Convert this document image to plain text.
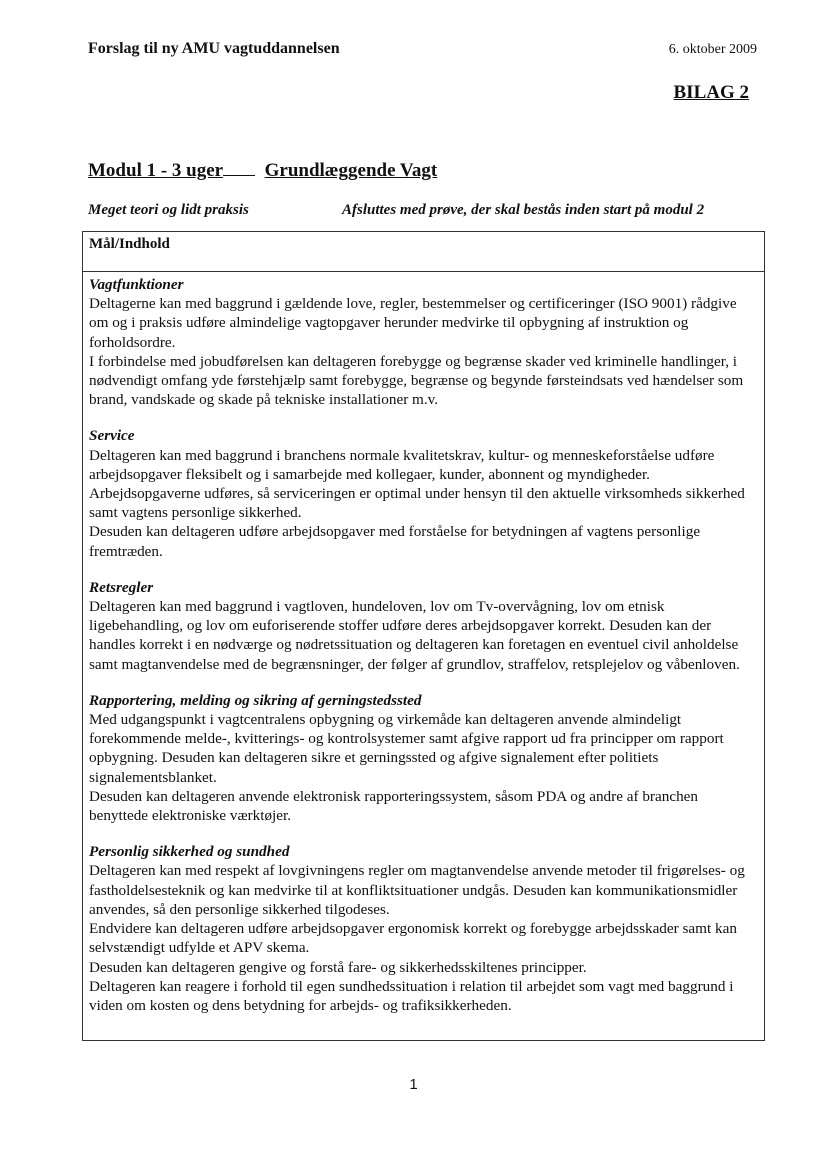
Forslag til ny AMU vagtuddannelsen	6. oktober 2009
BILAG 2
Modul 1 - 3 uger Grundlæggende Vagt
Meget teori og lidt praksis	Afsluttes med prøve, der skal bestås inden start på modul 2
Mål/Indhold
Vagtfunktioner

Deltagerne kan med baggrund i gældende love, regler, bestemmelser og certificeringer (ISO 9001) rådgive om og i praksis udføre almindelige vagtopgaver herunder medvirke til opbygning af instruktion og forholdsordre.

I forbindelse med jobudførelsen kan deltageren forebygge og begrænse skader ved kriminelle handlinger, i nødvendigt omfang yde førstehjælp samt forebygge, begrænse og begynde førsteindsats ved hændelser som brand, vandskade og skade på tekniske installationer m.v.

Service

Deltageren kan med baggrund i branchens normale kvalitetskrav, kultur- og menneskeforståelse udføre arbejdsopgaver fleksibelt og i samarbejde med kollegaer, kunder, abonnent og myndigheder. Arbejdsopgaverne udføres, så serviceringen er optimal under hensyn til den aktuelle virksomheds sikkerhed samt vagtens personlige sikkerhed.

Desuden kan deltageren udføre arbejdsopgaver med forståelse for betydningen af vagtens personlige fremtræden.

Retsregler

Deltageren kan med baggrund i vagtloven, hundeloven, lov om Tv-overvågning, lov om etnisk ligebehandling, og lov om euforiserende stoffer udføre deres arbejdsopgaver korrekt. Desuden kan der handles korrekt i en nødværge og nødretssituation og deltageren kan foretagen en eventuel civil anholdelse samt magtanvendelse med de begrænsninger, der følger af grundlov, straffelov, retsplejelov og våbenloven.

Rapportering, melding og sikring af gerningstedssted

Med udgangspunkt i vagtcentralens opbygning og virkemåde kan deltageren anvende almindeligt forekommende melde-, kvitterings- og kontrolsystemer samt afgive rapport ud fra principper om rapport opbygning. Desuden kan deltageren sikre et gerningssted og afgive signalement efter politiets signalementsblanket.

Desuden kan deltageren anvende elektronisk rapporteringssystem, såsom PDA og andre af branchen benyttede elektroniske værktøjer.

Personlig sikkerhed og sundhed

Deltageren kan med respekt af lovgivningens regler om magtanvendelse anvende metoder til frigørelses- og fastholdelsesteknik og kan medvirke til at konfliktsituationer undgås. Desuden kan kommunikationsmidler anvendes, så den personlige sikkerhed tilgodeses.

Endvidere kan deltageren udføre arbejdsopgaver ergonomisk korrekt og forebygge arbejdsskader samt kan selvstændigt udfylde et APV skema.

Desuden kan deltageren gengive og forstå fare- og sikkerhedsskiltenes principper.

Deltageren kan reagere i forhold til egen sundhedssituation i relation til arbejdet som vagt med baggrund i viden om kosten og dens betydning for arbejds- og trafiksikkerheden.

1
